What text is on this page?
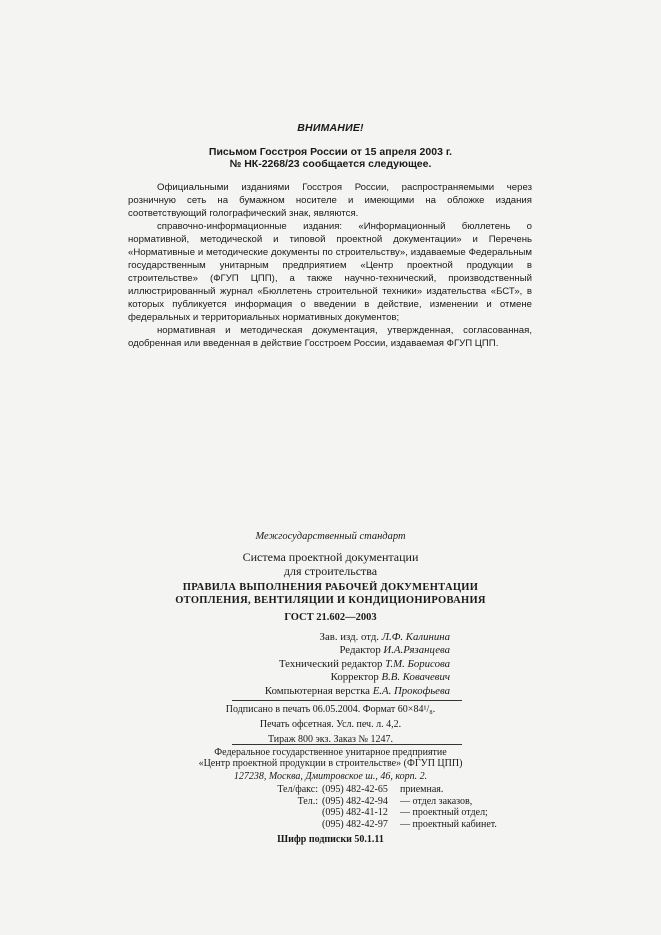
ВНИМАНИЕ!
Письмом Госстроя России от 15 апреля 2003 г.
№ НК-2268/23 сообщается следующее.

Официальными изданиями Госстроя России, распространяемыми через розничную сеть на бумажном носителе и имеющими на обложке издания соответствующий голографический знак, являются.

справочно-информационные издания: «Информационный бюллетень о нормативной, методической и типовой проектной документации» и Перечень «Нормативные и методические документы по строительству», издаваемые Федеральным государственным унитарным предприятием «Центр проектной продукции в строительстве» (ФГУП ЦПП), а также научно-технический, производственный иллюстрированный журнал «Бюллетень строительной техники» издательства «БСТ», в которых публикуется информация о введении в действие, изменении и отмене федеральных и территориальных нормативных документов;

нормативная и методическая документация, утвержденная, согласованная, одобренная или введенная в действие Госстроем России, издаваемая ФГУП ЦПП.

Межгосударственный стандарт
Система проектной документации
для строительства
ПРАВИЛА ВЫПОЛНЕНИЯ РАБОЧЕЙ ДОКУМЕНТАЦИИ
ОТОПЛЕНИЯ, ВЕНТИЛЯЦИИ И КОНДИЦИОНИРОВАНИЯ
ГОСТ 21.602—2003
Зав. изд. отд. Л.Ф. Калинина
Редактор И.А.Рязанцева
Технический редактор Т.М. Борисова
Корректор В.В. Ковачевич
Компьютерная верстка Е.А. Прокофьева
Подписано в печать 06.05.2004. Формат 60×84¹/₈.
Печать офсетная. Усл. печ. л. 4,2.
Тираж 800 экз. Заказ № 1247.
Федеральное государственное унитарное предприятие
«Центр проектной продукции в строительстве» (ФГУП ЦПП)
127238, Москва, Дмитровское ш., 46, корп. 2.
Тел/факс: (095) 482-42-65	приемная.
Тел.: (095) 482-42-94	— отдел заказов,
(095) 482-41-12	— проектный отдел;
(095) 482-42-97	— проектный кабинет.
Шифр подписки 50.1.11
